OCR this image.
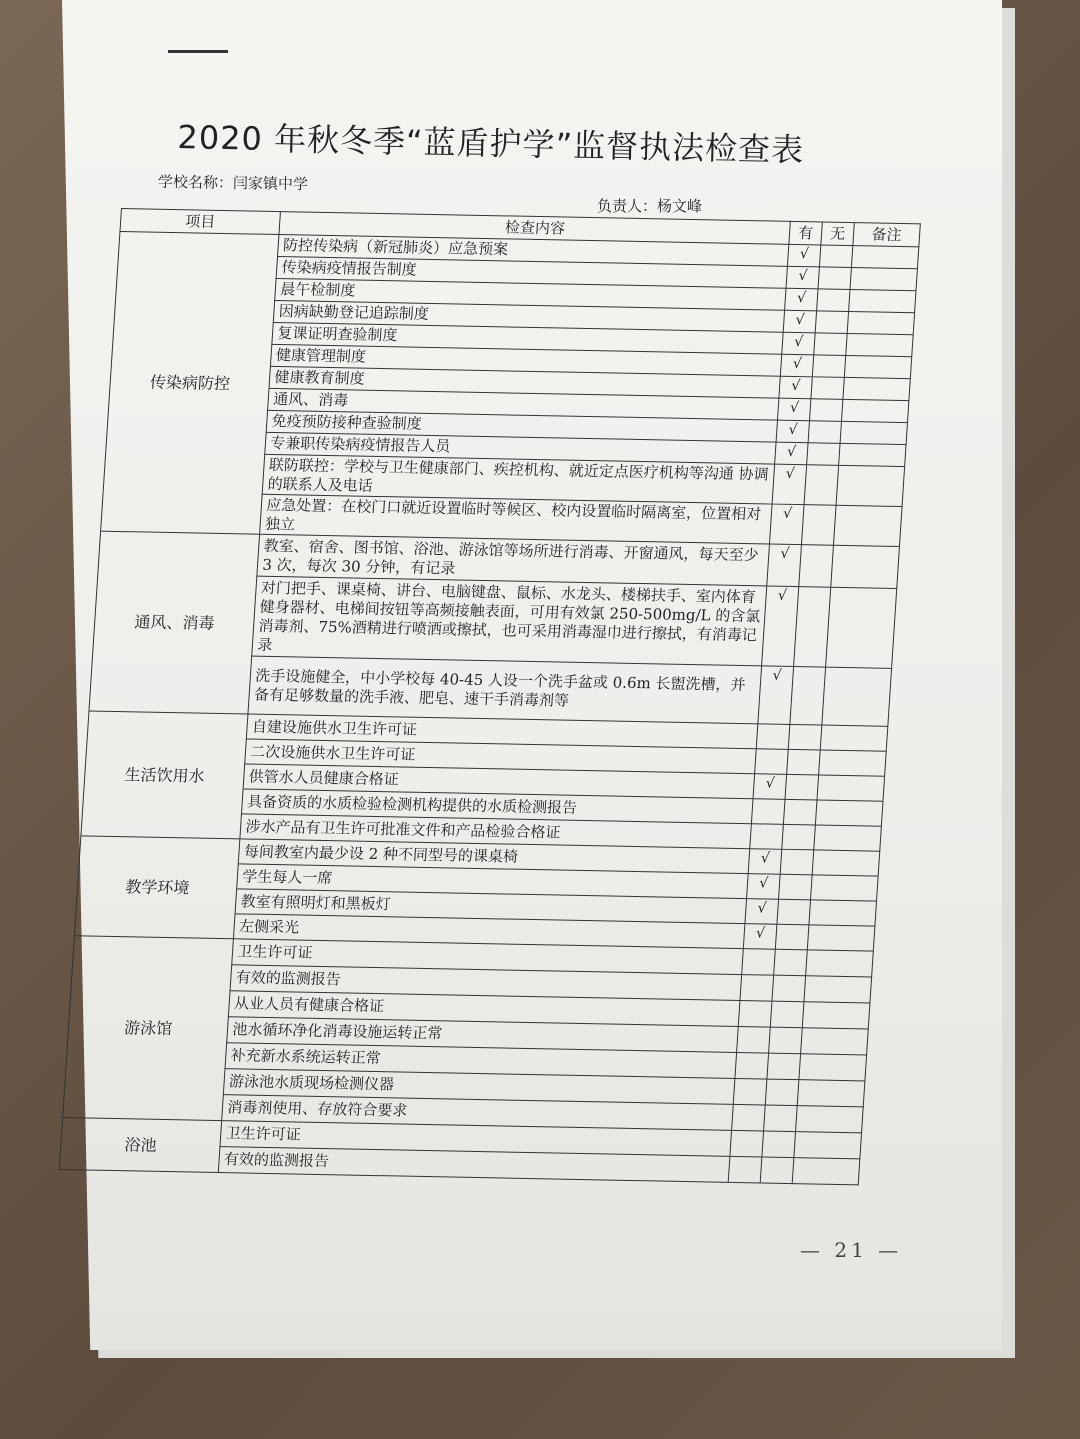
2020 年秋冬季“蓝盾护学”监督执法检查表
学校名称：闫家镇中学
负责人：杨文峰
项目	检查内容	有	无	备注
传染病防控	防控传染病（新冠肺炎）应急预案	√		
	传染病疫情报告制度	√		
	晨午检制度	√		
	因病缺勤登记追踪制度	√		
	复课证明查验制度	√		
	健康管理制度	√		
	健康教育制度	√		
	通风、消毒	√		
	免疫预防接种查验制度	√		
	专兼职传染病疫情报告人员	√		
	联防联控：学校与卫生健康部门、疾控机构、就近定点医疗机构等沟通 协调的联系人及电话	√		
	应急处置：在校门口就近设置临时等候区、校内设置临时隔离室，位置相对独立	√		
通风、消毒	教室、宿舍、图书馆、浴池、游泳馆等场所进行消毒、开窗通风，每天至少 3 次，每次 30 分钟，有记录	√		
	对门把手、课桌椅、讲台、电脑键盘、鼠标、水龙头、楼梯扶手、室内体育健身器材、电梯间按钮等高频接触表面，可用有效氯 250-500mg/L 的含氯消毒剂、75%酒精进行喷洒或擦拭，也可采用消毒湿巾进行擦拭，有消毒记录	√		
	洗手设施健全，中小学校每 40-45 人设一个洗手盆或 0.6m 长盥洗槽，并备有足够数量的洗手液、肥皂、速干手消毒剂等	√		
生活饮用水	自建设施供水卫生许可证			
	二次设施供水卫生许可证			
	供管水人员健康合格证	√		
	具备资质的水质检验检测机构提供的水质检测报告			
	涉水产品有卫生许可批准文件和产品检验合格证			
教学环境	每间教室内最少设 2 种不同型号的课桌椅	√		
	学生每人一席	√		
	教室有照明灯和黑板灯	√		
	左侧采光	√		
游泳馆	卫生许可证			
	有效的监测报告			
	从业人员有健康合格证			
	池水循环净化消毒设施运转正常			
	补充新水系统运转正常			
	游泳池水质现场检测仪器			
	消毒剂使用、存放符合要求			
浴池	卫生许可证			
	有效的监测报告			
— 21 —
